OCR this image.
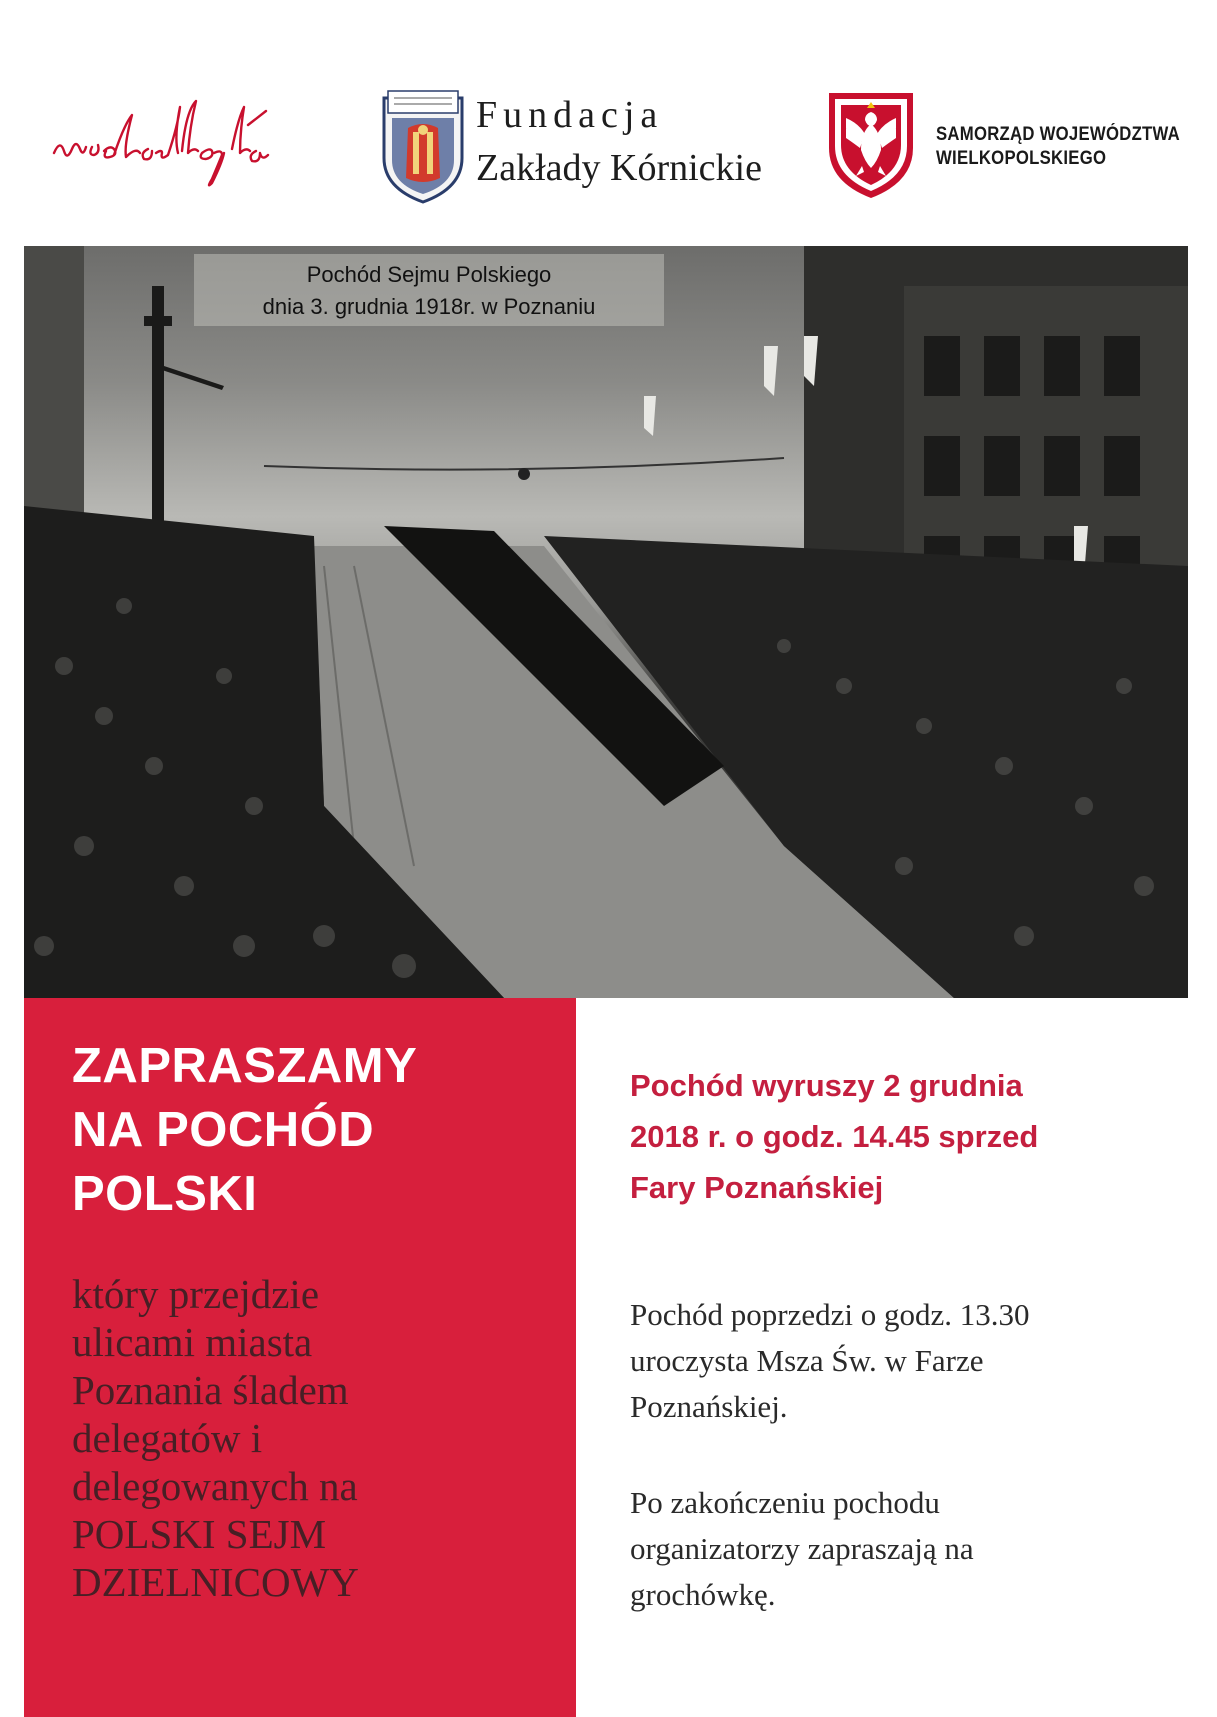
Fundacja
Zakłady Kórnickie
SAMORZĄD WOJEWÓDZTWA
WIELKOPOLSKIEGO
Pochód Sejmu Polskiego
dnia 3. grudnia 1918r. w Poznaniu
ZAPRASZAMY
NA POCHÓD
POLSKI
który przejdzie
ulicami miasta
Poznania śladem
delegatów i
delegowanych na
POLSKI SEJM
DZIELNICOWY
Pochód wyruszy 2 grudnia
2018 r. o godz. 14.45 sprzed
Fary Poznańskiej
Pochód poprzedzi o godz. 13.30
uroczysta Msza Św. w Farze
Poznańskiej.
Po zakończeniu pochodu
organizatorzy zapraszają na
grochówkę.
